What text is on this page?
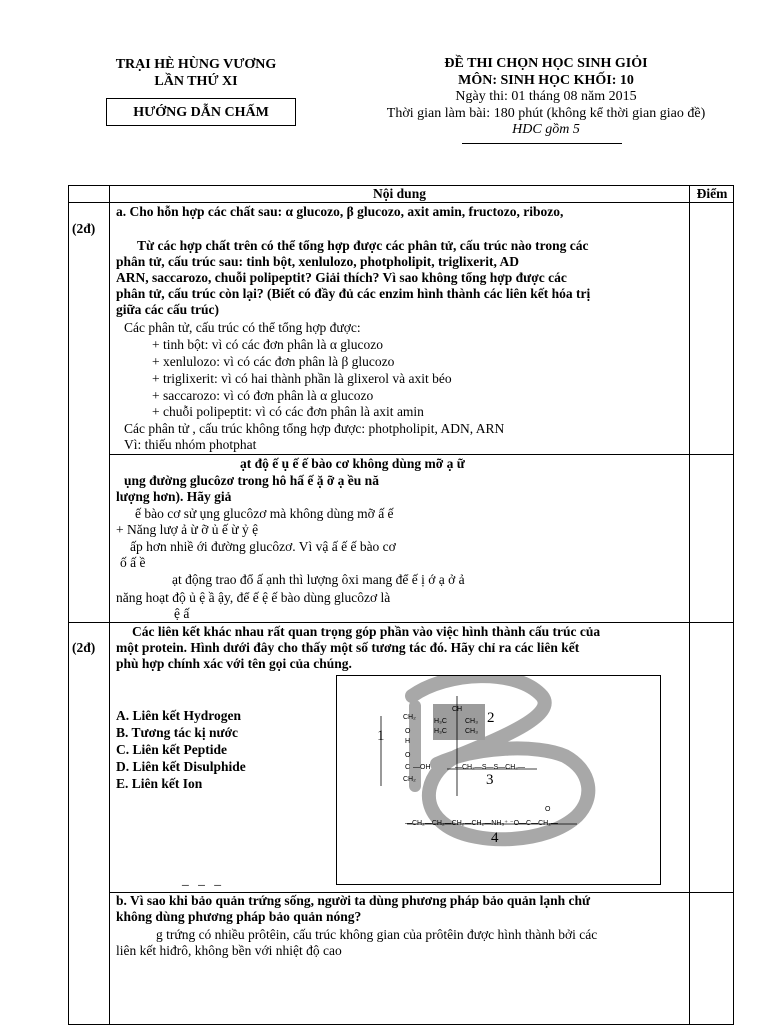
TRẠI HÈ HÙNG VƯƠNG
LẦN THỨ XI
HƯỚNG DẪN CHẤM
ĐỀ THI CHỌN HỌC SINH GIỎI
MÔN: SINH HỌC KHỐI: 10
Ngày thi: 01 tháng 08 năm 2015
Thời gian làm bài: 180 phút (không kể thời gian giao đề)
HDC gồm 5
Nội dung	Điểm
(2đ)
a. Cho hỗn hợp các chất sau: α glucozo, β glucozo, axit amin, fructozo, ribozo,
Từ các hợp chất trên có thể tổng hợp được các phân tử, cấu trúc nào trong các
phân tử, cấu trúc sau: tinh bột, xenlulozo, photpholipit, triglixerit, AD
ARN, saccarozo, chuỗi polipeptit? Giải thích? Vì sao không tổng hợp được các
phân tử, cấu trúc còn lại? (Biết có đầy đủ các enzim hình thành các liên kết hóa trị
giữa các cấu trúc)
Các phân tử, cấu trúc có thể tổng hợp được:
+ tinh bột: vì có các đơn phân là α glucozo
+ xenlulozo: vì có các đơn phân là β glucozo
+ triglixerit: vì có hai thành phần là glixerol và axit béo
+ saccarozo: vì có đơn phân là α glucozo
+ chuỗi polipeptit: vì có các đơn phân là axit amin
Các phân tử , cấu trúc không tổng hợp được: photpholipit, ADN, ARN
Vì: thiếu nhóm photphat
ạt độ ế ụ ế ế bào cơ không dùng mỡ ạ ữ
ụng đường glucôzơ trong hô hấ ế ặ ỡ ạ ều nă
lượng hơn). Hãy giả
ế bào cơ sử ụng glucôzơ mà không dùng mỡ ấ ế
+ Năng lượ ả ừ ỡ ủ ế ừ ỷ ệ
ấp hơn nhiề ới đường glucôzơ. Vì vậ ấ ế ế bào cơ
ố ấ ề
ạt động trao đổ ấ ạnh thì lượng ôxi mang để ế ị ớ ạ ở ả
năng hoạt độ ủ ệ ầ ậy, để ế ệ ế bào dùng glucôzơ là
ệ ấ
(2đ)
Các liên kết khác nhau rất quan trọng góp phần vào việc hình thành cấu trúc của
một protein. Hình dưới đây cho thấy một số tương tác đó. Hãy chỉ ra các liên kết
phù hợp chính xác với tên gọi của chúng.
A. Liên kết Hydrogen
B. Tương tác kị nước
C. Liên kết Peptide
D. Liên kết Disulphide
E. Liên kết Ion
_ _ _
1
2
3
4
CH₂
CH
H₃C	CH₃
H₃C	CH₃
O
H
O
C —OH
CH₂
—CH₂—S—S—CH₂—
O
—CH₂—CH₂—CH₂—CH₂—NH₃⁺ ⁻O—C—CH₂—
b. Vì sao khi bảo quản trứng sống, người ta dùng phương pháp bảo quản lạnh chứ
không dùng phương pháp bảo quản nóng?
g trứng có nhiều prôtêin, cấu trúc không gian của prôtêin được hình thành bởi các
liên kết hiđrô, không bền với nhiệt độ cao
